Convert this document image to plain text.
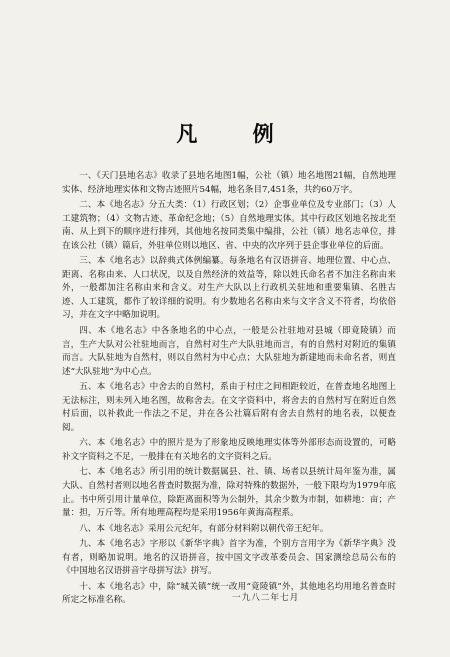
凡 例

一、《天门县地名志》收录了县地名地图1幅，公社（镇）地名地图21幅，自然地理实体、经济地理实体和文物古迹照片54幅，地名条目7,451条，共约60万字。

二、本《地名志》分五大类：（1）行政区划；（2）企事业单位及专业部门；（3）人工建筑物；（4）文物古迹、革命纪念地；（5）自然地理实体。其中行政区划地名按北至南、从上到下的顺序进行排列，其他地名按同类集中编排，公社（镇）地名志单位，排在该公社（镇）篇后，外驻单位则以地区、省、中央的次序列于县企事业单位的后面。

三、本《地名志》以辞典式体例编纂。每条地名有汉语拼音、地理位置、中心点、距离、名称由来、人口状况，以及自然经济的效益等，除以姓氏命名者不加注名称由来外，一般都加注名称由来和含义。对生产大队以上行政机关驻地和重要集镇、名胜古迹、人工建筑，都作了较详细的说明。有少数地名名称由来与文字含义不符者，均依俗习，并在文字中略加说明。

四、本《地名志》中各条地名的中心点，一般是公社驻地对县城（即竟陵镇）而言，生产大队对公社驻地而言，自然村对生产大队驻地而言，有的自然村对附近的集镇而言。大队驻地为自然村，则以自然村为中心点；大队驻地为新建地而未命名者，则直述“大队驻地”为中心点。

五、本《地名志》中舍去的自然村，系由于村庄之间相距较近，在普查地名地图上无法标注，则未列入地名图，故称舍去。在文字资料中，将舍去的自然村写在附近自然村后面，以补救此一作法之不足，并在各公社篇后附有舍去自然村的地名表，以便查阅。

六、本《地名志》中的照片是为了形象地反映地理实体等外部形态而设置的，可略补文字资料之不足，一般排在有关地名的文字资料之后。

七、本《地名志》所引用的统计数据属县、社、镇、场者以县统计局年鉴为准，属大队、自然村者则以地名普查时数据为准，除对特殊的数据外，一般下限均为1979年底止。书中所引用计量单位，除距离面积等为公制外，其余少数为市制，如耕地：亩；产量：担，万斤等。所有地理高程均是采用1956年黄海高程系。

八、本《地名志》采用公元纪年，有部分材料附以朝代帝王纪年。

九、本《地名志》字形以《新华字典》首字为准，个别方言用字为《新华字典》没有者，则略加说明。地名的汉语拼音，按中国文字改革委员会、国家测绘总局公布的《中国地名汉语拼音字母拼写法》拼写。

十、本《地名志》中，除“城关镇”统一改用“竟陵镇”外，其他地名均用地名普查时所定之标准名称。	一九八二年七月
